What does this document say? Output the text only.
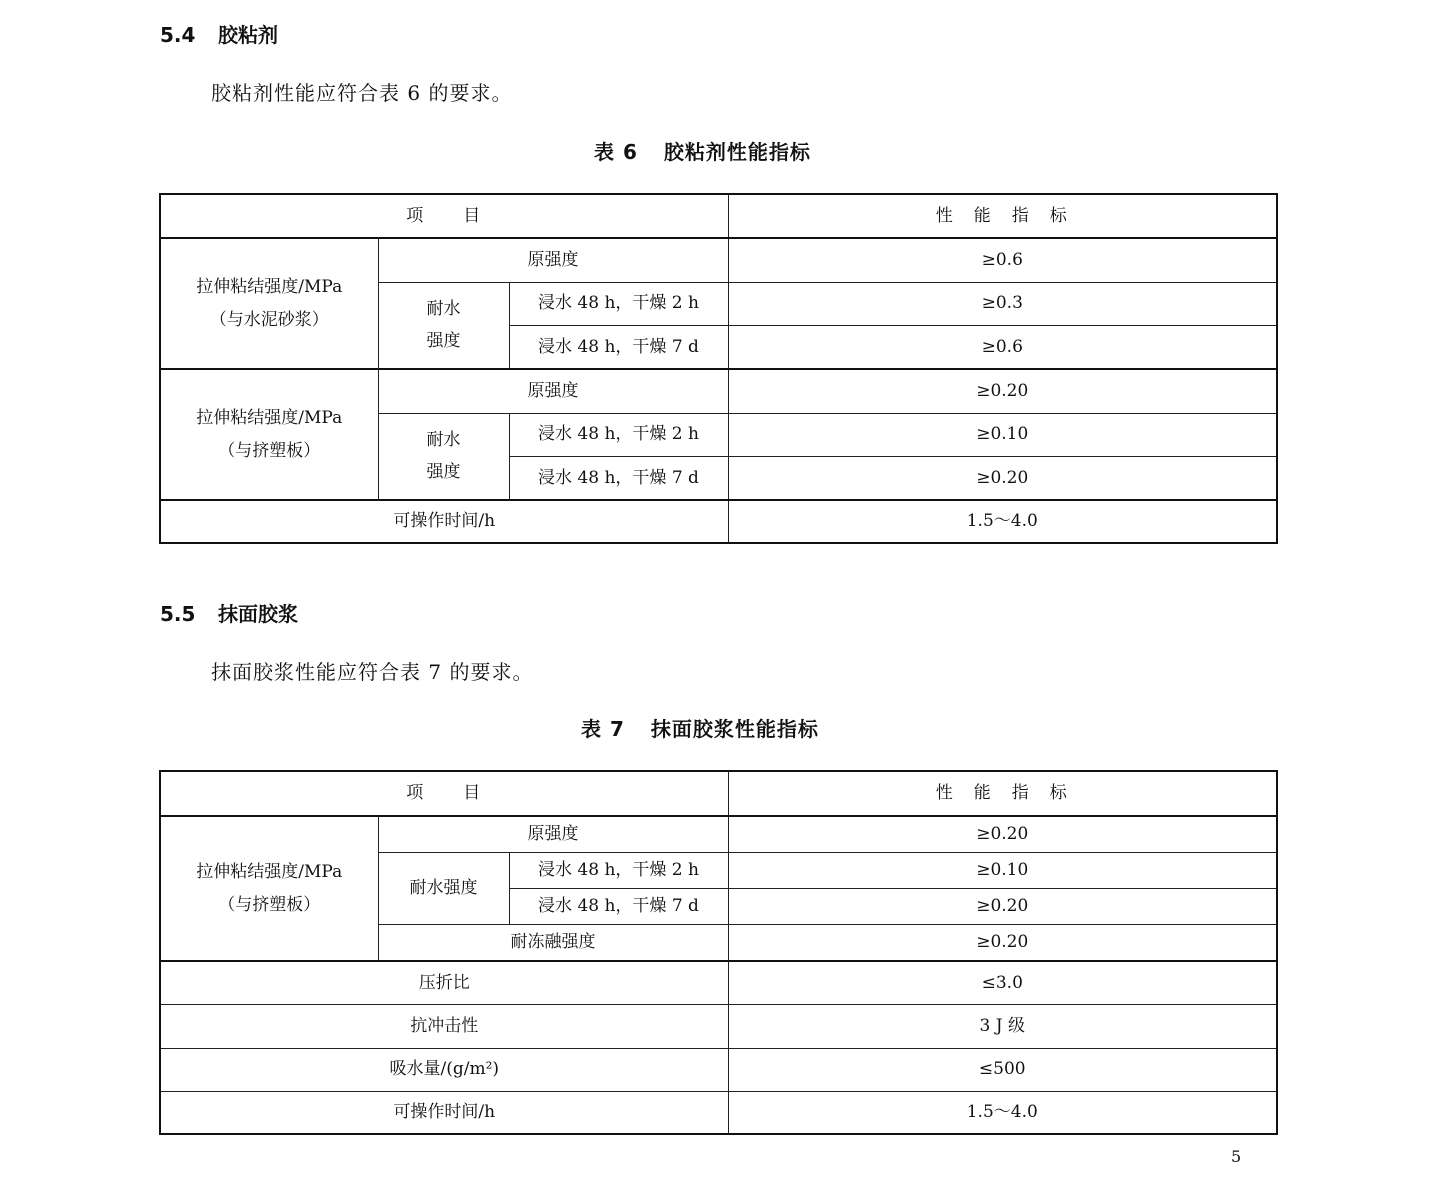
5.4 胶粘剂
胶粘剂性能应符合表 6 的要求。
表 6 胶粘剂性能指标
项　　目			性　能　指　标

拉伸粘结强度/MPa
（与水泥砂浆）	原强度		≥0.6

	耐水
强度	浸水 48 h，干燥 2 h	≥0.3
		浸水 48 h，干燥 7 d	≥0.6

拉伸粘结强度/MPa
（与挤塑板）	原强度		≥0.20

	耐水
强度	浸水 48 h，干燥 2 h	≥0.10
		浸水 48 h，干燥 7 d	≥0.20
可操作时间/h			1.5～4.0
5.5 抹面胶浆
抹面胶浆性能应符合表 7 的要求。
表 7 抹面胶浆性能指标
项　　目			性　能　指　标

拉伸粘结强度/MPa
（与挤塑板）	原强度		≥0.20
	耐水强度	浸水 48 h，干燥 2 h	≥0.10
		浸水 48 h，干燥 7 d	≥0.20
	耐冻融强度		≥0.20
压折比			≤3.0
抗冲击性			3 J 级
吸水量/(g/m²)			≤500
可操作时间/h			1.5～4.0
5
